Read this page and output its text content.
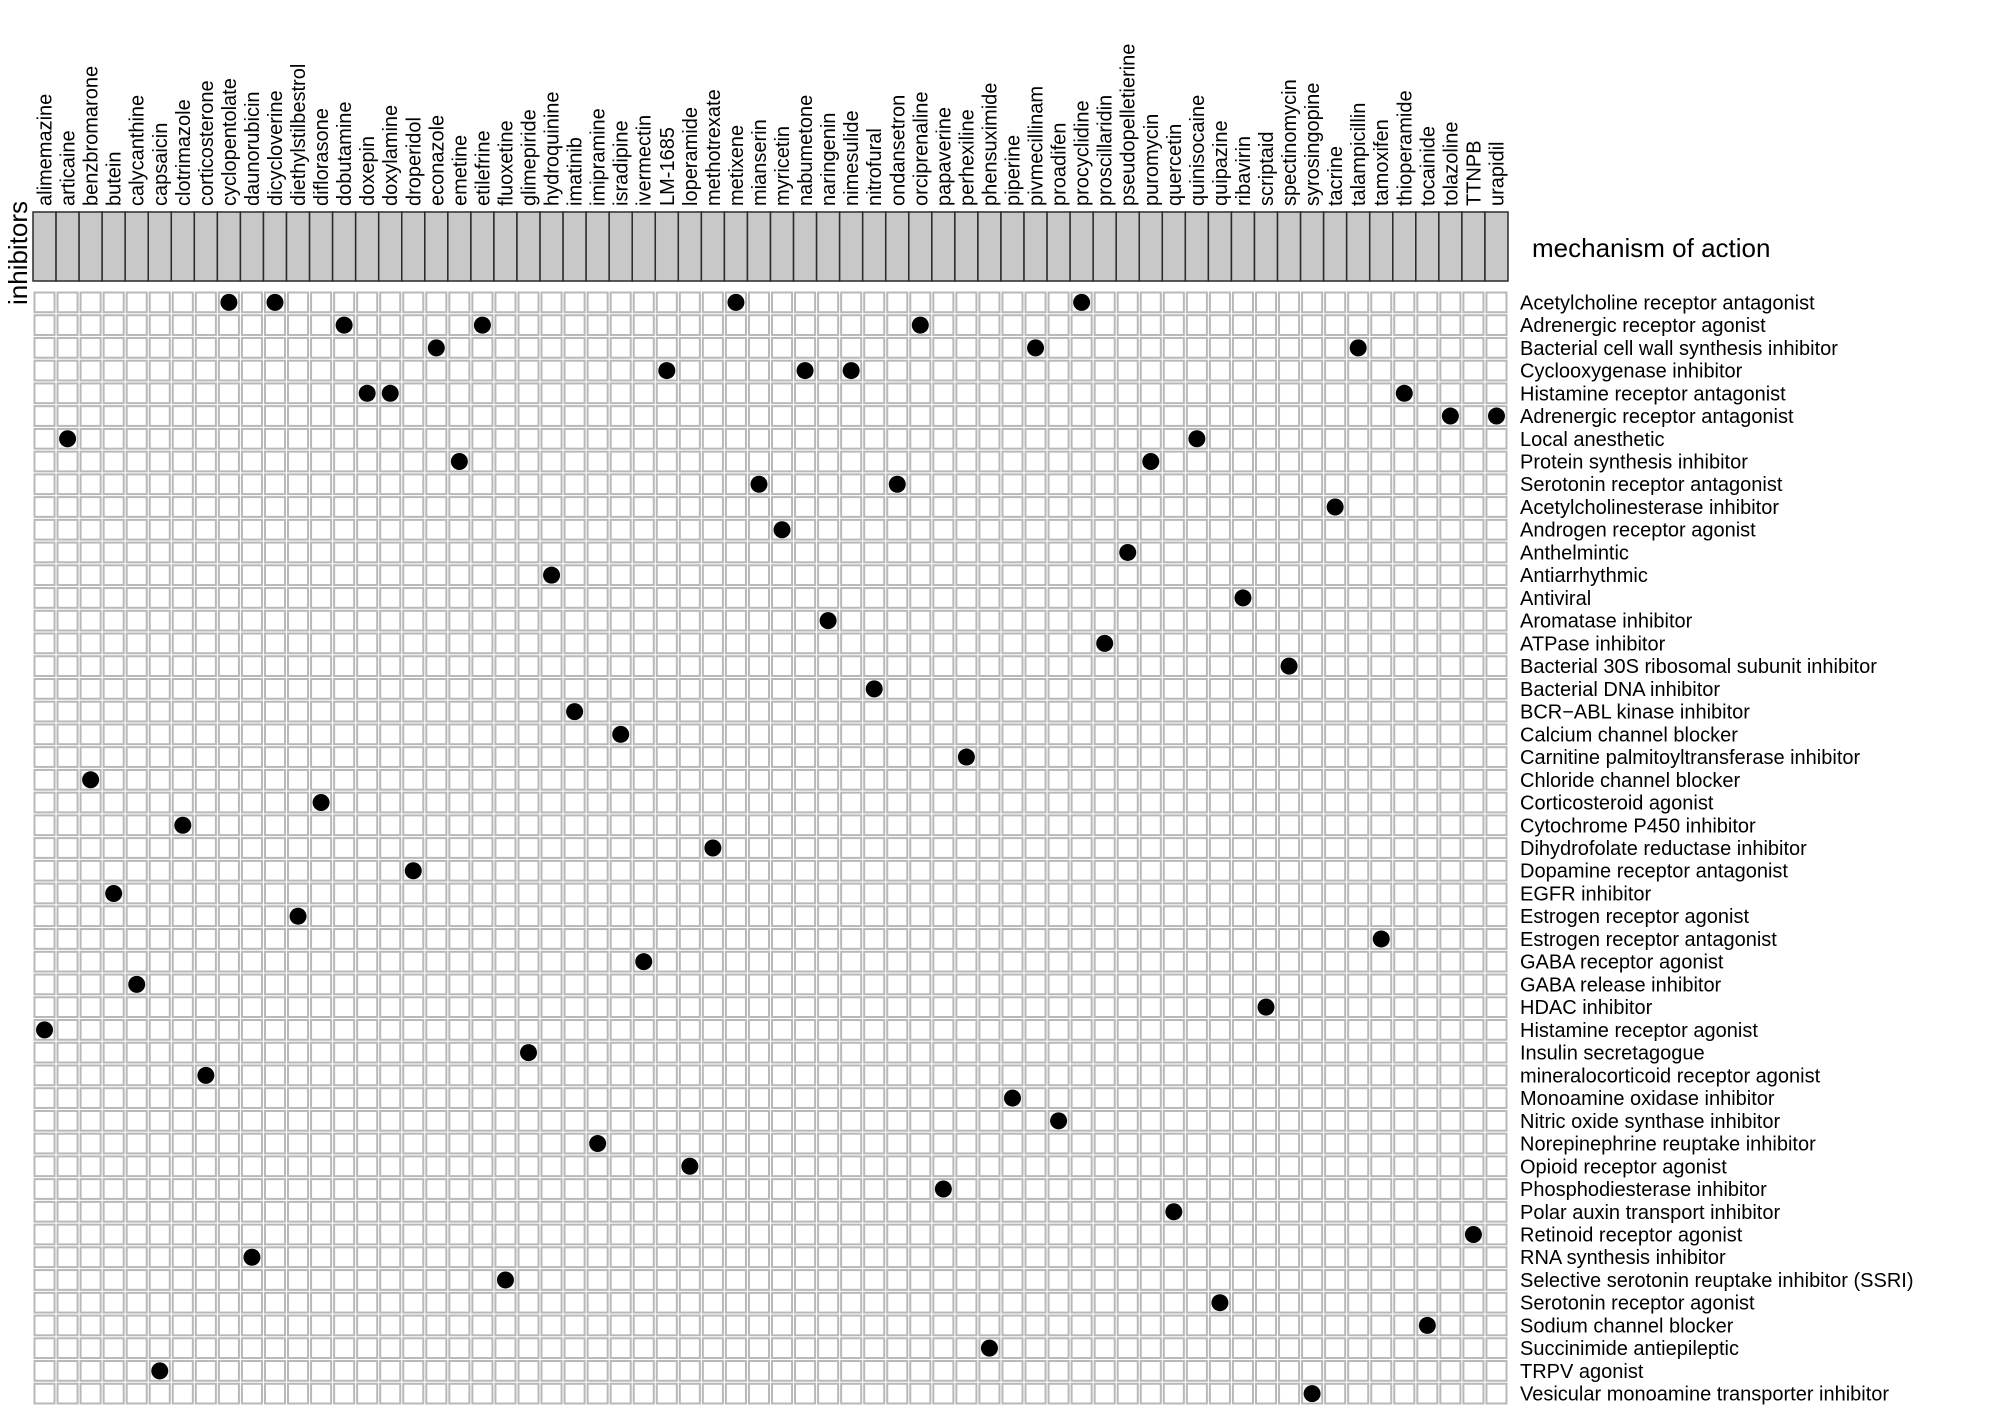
inhibitors	mechanism of action
alimemazine articaine benzbromarone butein calycanthine capsaicin clotrimazole corticosterone cyclopentolate daunorubicin dicycloverine diethylstilbestrol diflorasone dobutamine doxepin doxylamine droperidol econazole emetine etilefrine fluoxetine glimepiride hydroquinine imatinib imipramine isradipine ivermectin LM-1685 loperamide methotrexate metixene mianserin myricetin nabumetone naringenin nimesulide nitrofural ondansetron orciprenaline papaverine perhexiline phensuximide piperine pivmecillinam proadifen procyclidine proscillaridin pseudopelletierine puromycin quercetin quinisocaine quipazine ribavirin scriptaid spectinomycin syrosingopine tacrine talampicillin tamoxifen thioperamide tocainide tolazoline TTNPB urapidil
Acetylcholine receptor antagonist
Adrenergic receptor agonist
Bacterial cell wall synthesis inhibitor
Cyclooxygenase inhibitor
Histamine receptor antagonist
Adrenergic receptor antagonist
Local anesthetic
Protein synthesis inhibitor
Serotonin receptor antagonist
Acetylcholinesterase inhibitor
Androgen receptor agonist
Anthelmintic
Antiarrhythmic
Antiviral
Aromatase inhibitor
ATPase inhibitor
Bacterial 30S ribosomal subunit inhibitor
Bacterial DNA inhibitor
BCR−ABL kinase inhibitor
Calcium channel blocker
Carnitine palmitoyltransferase inhibitor
Chloride channel blocker
Corticosteroid agonist
Cytochrome P450 inhibitor
Dihydrofolate reductase inhibitor
Dopamine receptor antagonist
EGFR inhibitor
Estrogen receptor agonist
Estrogen receptor antagonist
GABA receptor agonist
GABA release inhibitor
HDAC inhibitor
Histamine receptor agonist
Insulin secretagogue
mineralocorticoid receptor agonist
Monoamine oxidase inhibitor
Nitric oxide synthase inhibitor
Norepinephrine reuptake inhibitor
Opioid receptor agonist
Phosphodiesterase inhibitor
Polar auxin transport inhibitor
Retinoid receptor agonist
RNA synthesis inhibitor
Selective serotonin reuptake inhibitor (SSRI)
Serotonin receptor agonist
Sodium channel blocker
Succinimide antiepileptic
TRPV agonist
Vesicular monoamine transporter inhibitor
